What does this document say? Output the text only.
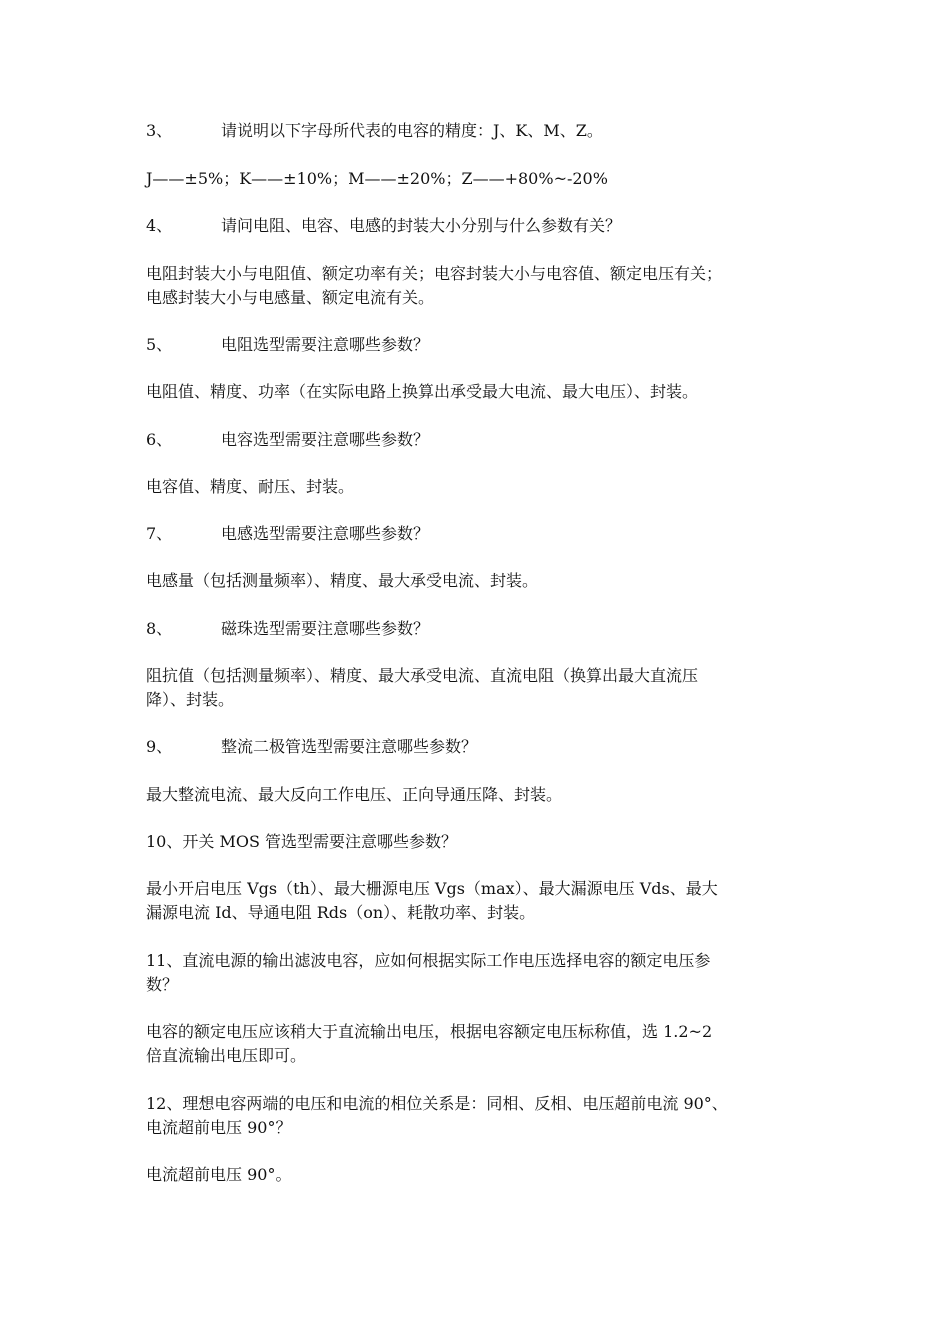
3、	请说明以下字母所代表的电容的精度：J、K、M、Z。
J——±5%；K——±10%；M——±20%；Z——+80%~-20%
4、	请问电阻、电容、电感的封装大小分别与什么参数有关？
电阻封装大小与电阻值、额定功率有关；电容封装大小与电容值、额定电压有关；
电感封装大小与电感量、额定电流有关。
5、	电阻选型需要注意哪些参数？
电阻值、精度、功率（在实际电路上换算出承受最大电流、最大电压）、封装。
6、	电容选型需要注意哪些参数？
电容值、精度、耐压、封装。
7、	电感选型需要注意哪些参数？
电感量（包括测量频率）、精度、最大承受电流、封装。
8、	磁珠选型需要注意哪些参数？
阻抗值（包括测量频率）、精度、最大承受电流、直流电阻（换算出最大直流压
降）、封装。
9、	整流二极管选型需要注意哪些参数？
最大整流电流、最大反向工作电压、正向导通压降、封装。
10、开关 MOS 管选型需要注意哪些参数？
最小开启电压 Vgs（th）、最大栅源电压 Vgs（max）、最大漏源电压 Vds、最大
漏源电流 Id、导通电阻 Rds（on）、耗散功率、封装。
11、直流电源的输出滤波电容，应如何根据实际工作电压选择电容的额定电压参
数？
电容的额定电压应该稍大于直流输出电压，根据电容额定电压标称值，选 1.2~2
倍直流输出电压即可。
12、理想电容两端的电压和电流的相位关系是：同相、反相、电压超前电流 90°、
电流超前电压 90°？
电流超前电压 90°。
